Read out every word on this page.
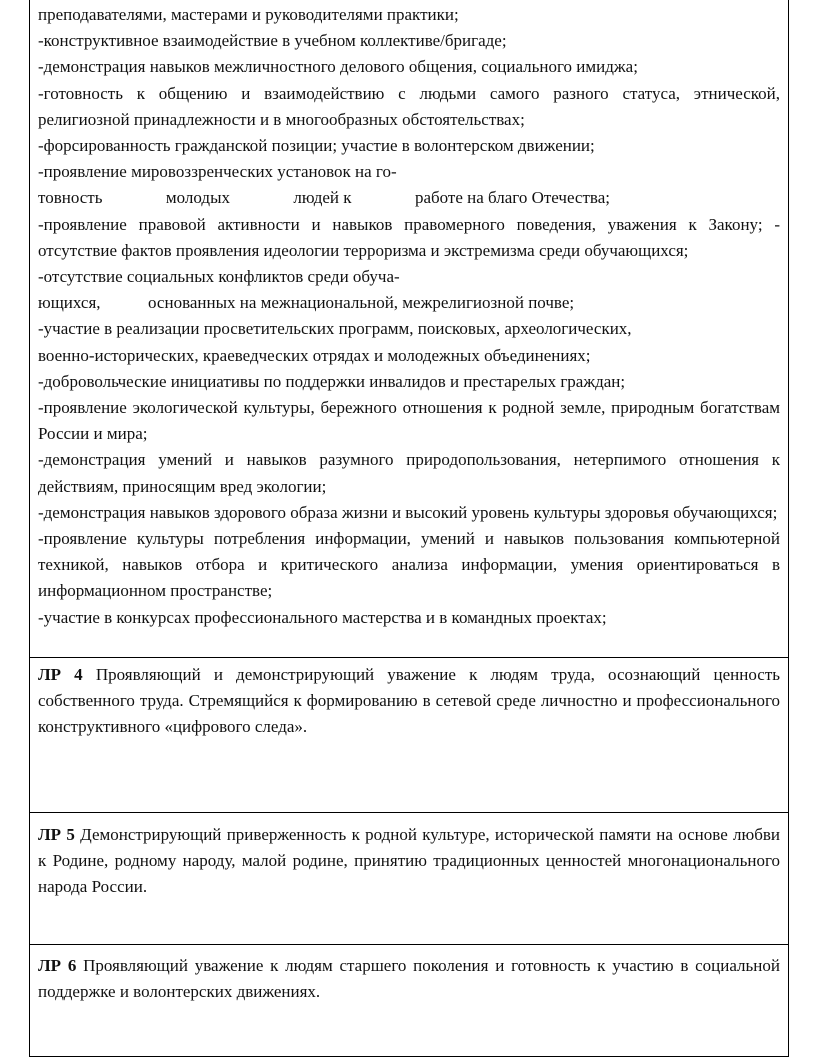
преподавателями, мастерами и руководителями практики;

-конструктивное взаимодействие в учебном коллективе/бригаде;

-демонстрация навыков межличностного делового общения, социального имиджа;

-готовность к общению и взаимодействию с людьми самого разного статуса, этнической,

религиозной принадлежности и в многообразных обстоятельствах;

-форсированность гражданской позиции; участие в волонтерском движении;

-проявление мировоззренческих установок на го-

товность	молодых	людей к	работе на благо Отечества;

-проявление правовой активности и навыков правомерного поведения, уважения к Закону; -

отсутствие фактов проявления идеологии терроризма и экстремизма среди обучающихся;

-отсутствие социальных конфликтов среди обуча-

ющихся,	основанных на межнациональной, межрелигиозной почве;

-участие в реализации просветительских программ, поисковых, археологических,

военно-исторических, краеведческих отрядах и молодежных объединениях;

-добровольческие инициативы по поддержки инвалидов и престарелых граждан;

-проявление экологической культуры, бережного отношения к родной земле, природным богатствам России и мира;

-демонстрация умений и навыков разумного природопользования, нетерпимого отношения к действиям, приносящим вред экологии;

-демонстрация навыков здорового образа жизни и высокий уровень культуры здоровья обучающихся;

-проявление культуры потребления информации, умений и навыков пользования компьютерной техникой, навыков отбора и критического анализа информации, умения ориентироваться в информационном пространстве;

-участие в конкурсах профессионального мастерства и в командных проектах;

ЛР 4 Проявляющий и демонстрирующий уважение к людям труда, осознающий ценность собственного труда. Стремящийся к формированию в сетевой среде личностно и профессионального конструктивного «цифрового следа».

ЛР 5 Демонстрирующий приверженность к родной культуре, исторической памяти на основе любви к Родине, родному народу, малой родине, принятию традиционных ценностей многонационального народа России.

ЛР 6 Проявляющий уважение к людям старшего поколения и готовность к участию в социальной поддержке и волонтерских движениях.
